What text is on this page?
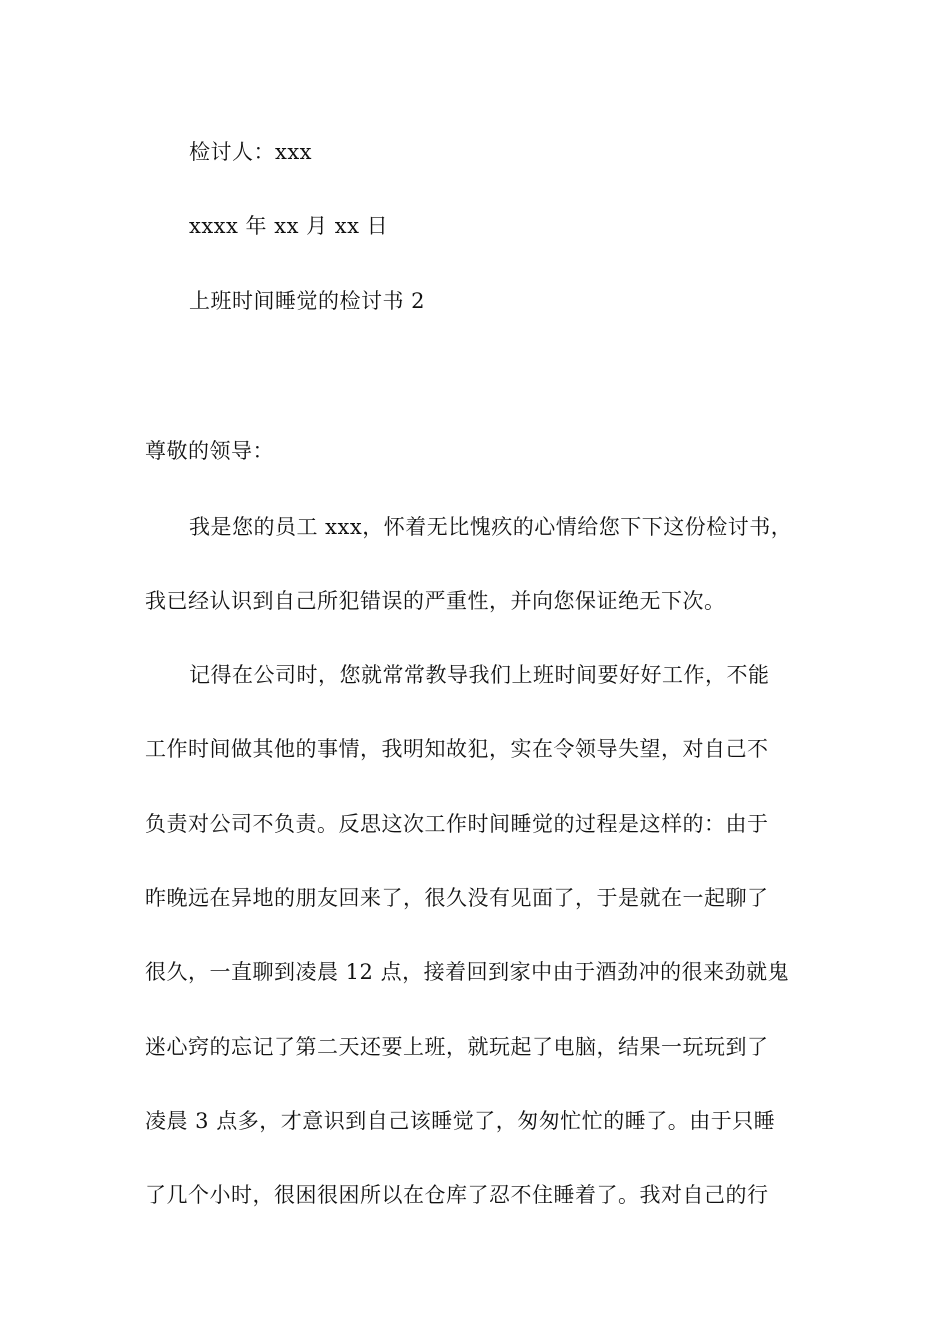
检讨人：xxx
xxxx 年 xx 月 xx 日
上班时间睡觉的检讨书 2
尊敬的领导：
我是您的员工 xxx，怀着无比愧疚的心情给您下下这份检讨书，
我已经认识到自己所犯错误的严重性，并向您保证绝无下次。
记得在公司时，您就常常教导我们上班时间要好好工作，不能
工作时间做其他的事情，我明知故犯，实在令领导失望，对自己不
负责对公司不负责。反思这次工作时间睡觉的过程是这样的：由于
昨晚远在异地的朋友回来了，很久没有见面了，于是就在一起聊了
很久，一直聊到凌晨 12 点，接着回到家中由于酒劲冲的很来劲就鬼
迷心窍的忘记了第二天还要上班，就玩起了电脑，结果一玩玩到了
凌晨 3 点多，才意识到自己该睡觉了，匆匆忙忙的睡了。由于只睡
了几个小时，很困很困所以在仓库了忍不住睡着了。我对自己的行
